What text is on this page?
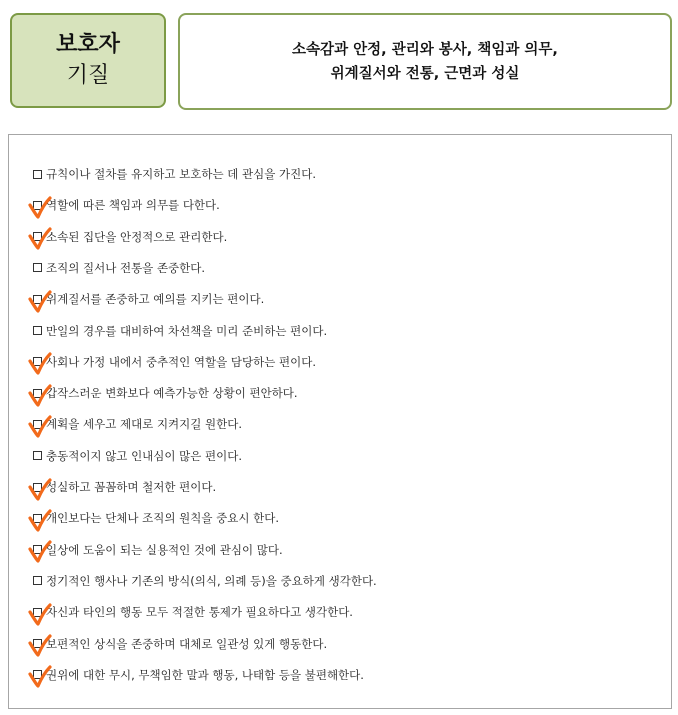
보호자
기질
소속감과 안정, 관리와 봉사, 책임과 의무,
위계질서와 전통, 근면과 성실
규칙이나 절차를 유지하고 보호하는 데 관심을 가진다.
역할에 따른 책임과 의무를 다한다.
소속된 집단을 안정적으로 관리한다.
조직의 질서나 전통을 존중한다.
위계질서를 존중하고 예의를 지키는 편이다.
만일의 경우를 대비하여 차선책을 미리 준비하는 편이다.
사회나 가정 내에서 중추적인 역할을 담당하는 편이다.
갑작스러운 변화보다 예측가능한 상황이 편안하다.
계획을 세우고 제대로 지켜지길 원한다.
충동적이지 않고 인내심이 많은 편이다.
성실하고 꼼꼼하며 철저한 편이다.
개인보다는 단체나 조직의 원칙을 중요시 한다.
일상에 도움이 되는 실용적인 것에 관심이 많다.
정기적인 행사나 기존의 방식(의식, 의례 등)을 중요하게 생각한다.
자신과 타인의 행동 모두 적절한 통제가 필요하다고 생각한다.
보편적인 상식을 존중하며 대체로 일관성 있게 행동한다.
권위에 대한 무시, 무책임한 말과 행동, 나태함 등을 불편해한다.
